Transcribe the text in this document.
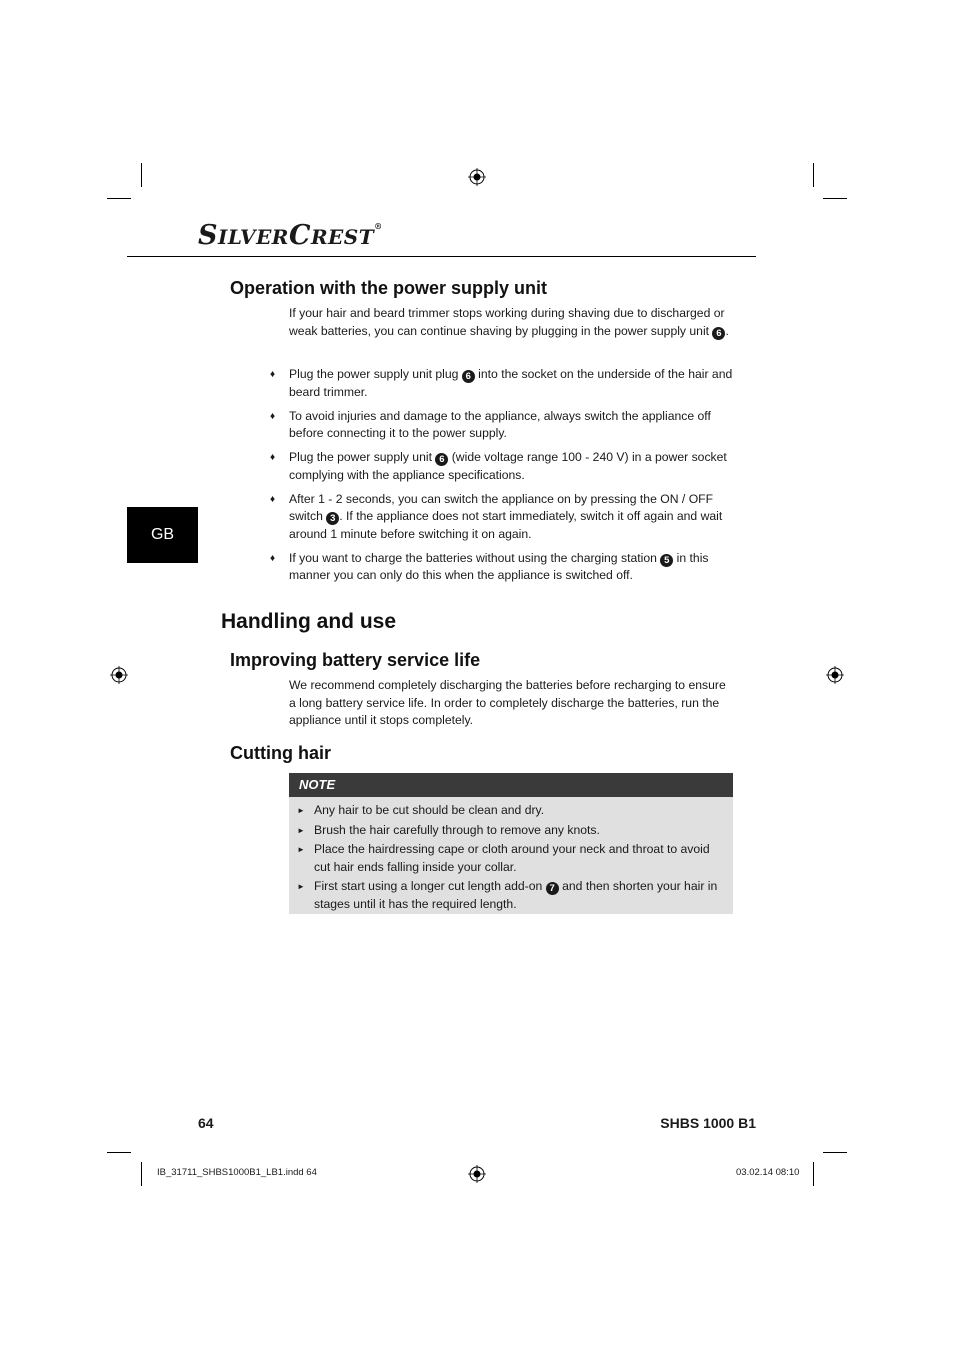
SILVERCREST®
GB
Operation with the power supply unit

If your hair and beard trimmer stops working during shaving due to discharged or weak batteries, you can continue shaving by plugging in the power supply unit 6 .

♦ Plug the power supply unit plug 6 into the socket on the underside of the hair and beard trimmer.
♦ To avoid injuries and damage to the appliance, always switch the appliance off before connecting it to the power supply.
♦ Plug the power supply unit 6 (wide voltage range 100 - 240 V) in a power socket complying with the appliance specifications.
♦ After 1 - 2 seconds, you can switch the appliance on by pressing the ON / OFF switch 3 . If the appliance does not start immediately, switch it off again and wait around 1 minute before switching it on again.
♦ If you want to charge the batteries without using the charging station 5 in this manner you can only do this when the appliance is switched off.
Handling and use
Improving battery service life

We recommend completely discharging the batteries before recharging to ensure a long battery service life. In order to completely discharge the batteries, run the appliance until it stops completely.

Cutting hair
NOTE
► Any hair to be cut should be clean and dry.
► Brush the hair carefully through to remove any knots.
► Place the hairdressing cape or cloth around your neck and throat to avoid cut hair ends falling inside your collar.
► First start using a longer cut length add-on 7 and then shorten your hair in stages until it has the required length.
64	SHBS 1000 B1
IB_31711_SHBS1000B1_LB1.indd 64	03.02.14 08:10
